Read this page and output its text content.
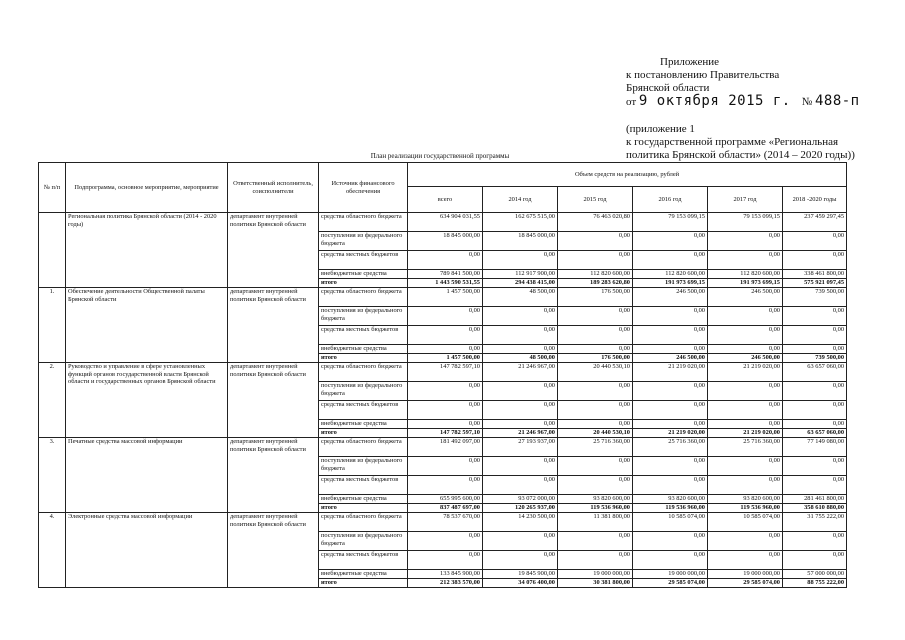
Приложение
к постановлению Правительства
Брянской области
от 9 октября 2015 г. № 488-п
(приложение 1
к государственной программе «Региональная
политика Брянской области» (2014 – 2020 годы))
План реализации государственной программы
№ п/п	Подпрограмма, основное мероприятие, мероприятие	Ответственный исполнитель, соисполнители	Источник финансового обеспечения	Объем средств на реализацию, рублей					
				всего	2014 год	2015 год	2016 год	2017 год	2018 -2020 годы
	Региональная политика Брянской области (2014 - 2020 годы)	департамент внутренней политики Брянской области	средства областного бюджета	634 904 031,55	162 675 515,00	76 463 020,80	79 153 099,15	79 153 099,15	237 459 297,45
			поступления из федерального бюджета	18 845 000,00	18 845 000,00	0,00	0,00	0,00	0,00
			средства местных бюджетов	0,00	0,00	0,00	0,00	0,00	0,00
			внебюджетные средства	789 841 500,00	112 917 900,00	112 820 600,00	112 820 600,00	112 820 600,00	338 461 800,00
			итого	1 443 590 531,55	294 438 415,00	189 283 620,80	191 973 699,15	191 973 699,15	575 921 097,45
1.	Обеспечение деятельности Общественной палаты Брянской области	департамент внутренней политики Брянской области	средства областного бюджета	1 457 500,00	48 500,00	176 500,00	246 500,00	246 500,00	739 500,00
			поступления из федерального бюджета	0,00	0,00	0,00	0,00	0,00	0,00
			средства местных бюджетов	0,00	0,00	0,00	0,00	0,00	0,00
			внебюджетные средства	0,00	0,00	0,00	0,00	0,00	0,00
			итого	1 457 500,00	48 500,00	176 500,00	246 500,00	246 500,00	739 500,00
2.	Руководство и управление в сфере установленных функций органов государственной власти Брянской области и государственных органов Брянской области	департамент внутренней политики Брянской области	средства областного бюджета	147 782 597,10	21 246 967,00	20 440 530,10	21 219 020,00	21 219 020,00	63 657 060,00
			поступления из федерального бюджета	0,00	0,00	0,00	0,00	0,00	0,00
			средства местных бюджетов	0,00	0,00	0,00	0,00	0,00	0,00
			внебюджетные средства	0,00	0,00	0,00	0,00	0,00	0,00
			итого	147 782 597,10	21 246 967,00	20 440 530,10	21 219 020,00	21 219 020,00	63 657 060,00
3.	Печатные средства массовой информации	департамент внутренней политики Брянской области	средства областного бюджета	181 492 097,00	27 193 937,00	25 716 360,00	25 716 360,00	25 716 360,00	77 149 080,00
			поступления из федерального бюджета	0,00	0,00	0,00	0,00	0,00	0,00
			средства местных бюджетов	0,00	0,00	0,00	0,00	0,00	0,00
			внебюджетные средства	655 995 600,00	93 072 000,00	93 820 600,00	93 820 600,00	93 820 600,00	281 461 800,00
			итого	837 487 697,00	120 265 937,00	119 536 960,00	119 536 960,00	119 536 960,00	358 610 880,00
4.	Электронные средства массовой информации	департамент внутренней политики Брянской области	средства областного бюджета	78 537 670,00	14 230 500,00	11 381 800,00	10 585 074,00	10 585 074,00	31 755 222,00
			поступления из федерального бюджета	0,00	0,00	0,00	0,00	0,00	0,00
			средства местных бюджетов	0,00	0,00	0,00	0,00	0,00	0,00
			внебюджетные средства	133 845 900,00	19 845 900,00	19 000 000,00	19 000 000,00	19 000 000,00	57 000 000,00
			итого	212 383 570,00	34 076 400,00	30 381 800,00	29 585 074,00	29 585 074,00	88 755 222,00
